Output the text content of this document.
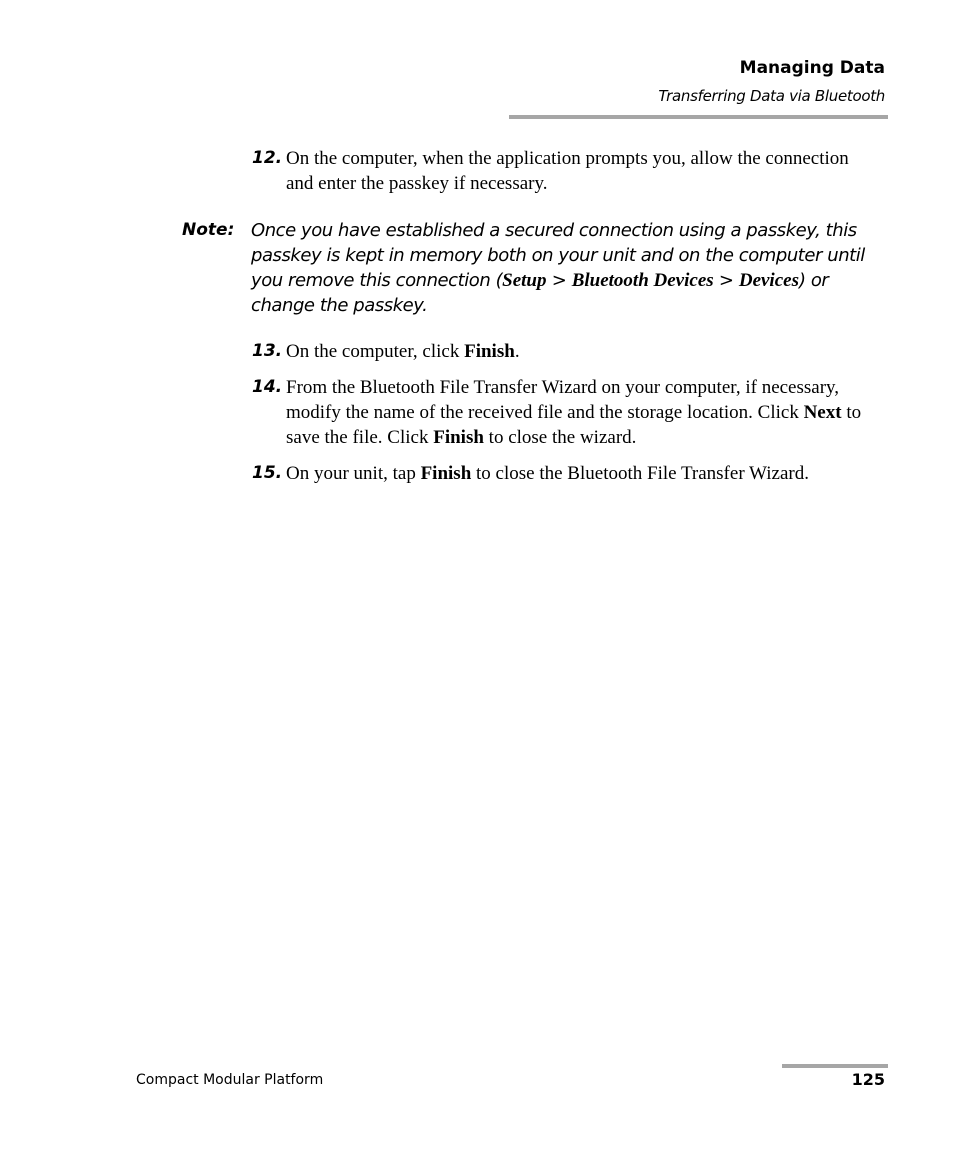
Managing Data
Transferring Data via Bluetooth
12. On the computer, when the application prompts you, allow the connection and enter the passkey if necessary.
Note: Once you have established a secured connection using a passkey, this passkey is kept in memory both on your unit and on the computer until you remove this connection (Setup > Bluetooth Devices > Devices) or change the passkey.
13. On the computer, click Finish.
14. From the Bluetooth File Transfer Wizard on your computer, if necessary, modify the name of the received file and the storage location. Click Next to save the file. Click Finish to close the wizard.
15. On your unit, tap Finish to close the Bluetooth File Transfer Wizard.
Compact Modular Platform	125
